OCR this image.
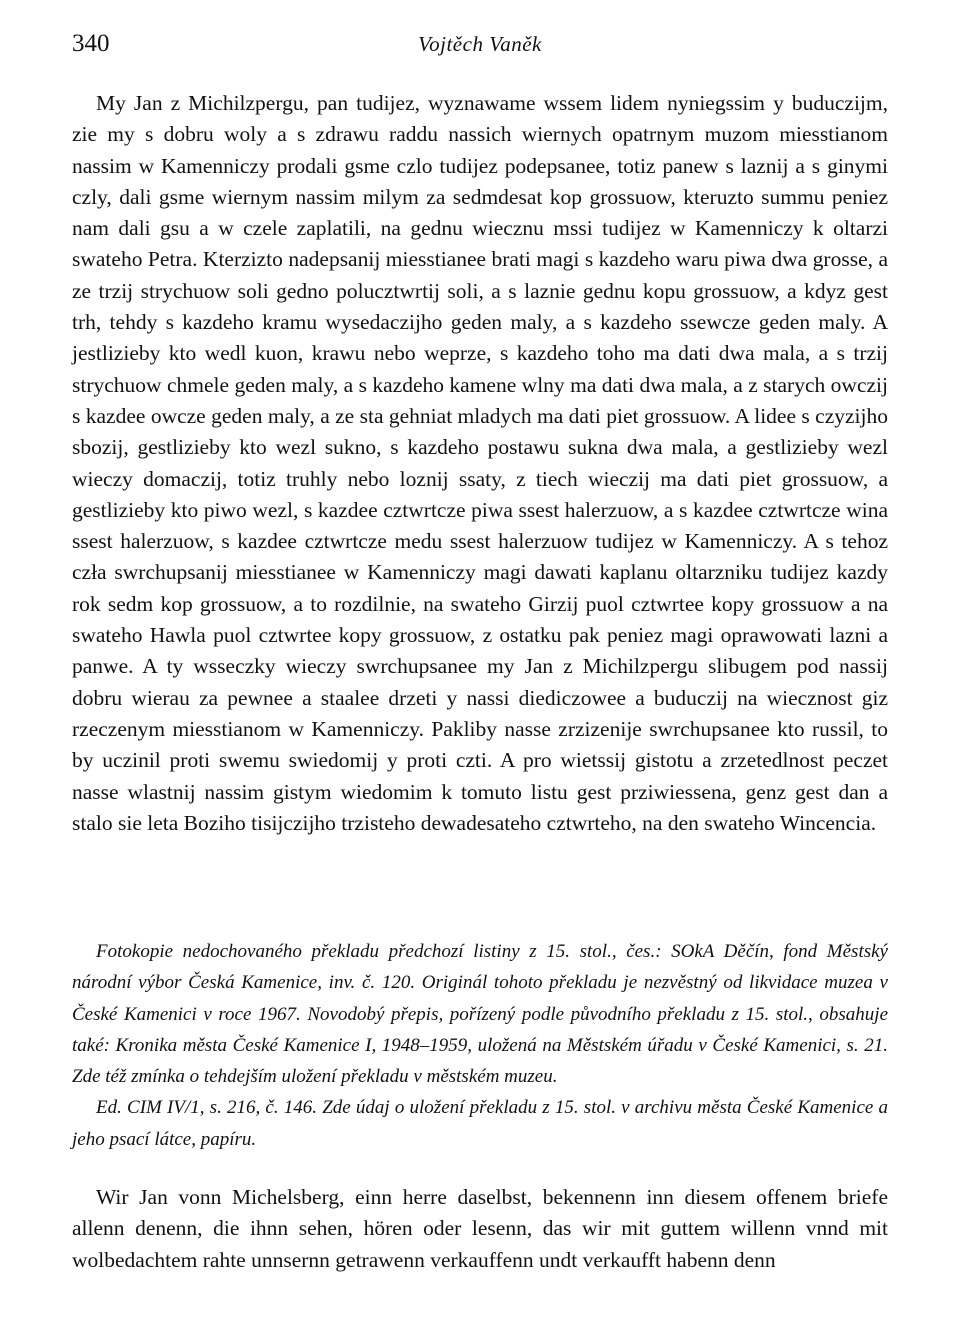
340	Vojtěch Vaněk

My Jan z Michilzpergu, pan tudijez, wyznawame wssem lidem nyniegssim y buduczijm, zie my s dobru woly a s zdrawu raddu nassich wiernych opatrnym muzom miesstianom nassim w Kamenniczy prodali gsme czlo tudijez podepsanee, totiz panew s laznij a s ginymi czly, dali gsme wiernym nassim milym za sedmdesat kop grossuow, kteruzto summu peniez nam dali gsu a w czele zaplatili, na gednu wiecznu mssi tudijez w Kamenniczy k oltarzi swateho Petra. Kterzizto nadepsanij miesstianee brati magi s kazdeho waru piwa dwa grosse, a ze trzij strychuow soli gedno polucztwrtij soli, a s laznie gednu kopu grossuow, a kdyz gest trh, tehdy s kazdeho kramu wysedaczijho geden maly, a s kazdeho ssewcze geden maly. A jestlizieby kto wedl kuon, krawu nebo weprze, s kazdeho toho ma dati dwa mala, a s trzij strychuow chmele geden maly, a s kazdeho kamene wlny ma dati dwa mala, a z starych owczij s kazdee owcze geden maly, a ze sta gehniat mladych ma dati piet grossuow. A lidee s czyzijho sbozij, gestlizieby kto wezl sukno, s kazdeho postawu sukna dwa mala, a gestlizieby wezl wieczy domaczij, totiz truhly nebo loznij ssaty, z tiech wieczij ma dati piet grossuow, a gestlizieby kto piwo wezl, s kazdee cztwrtcze piwa ssest halerzuow, a s kazdee cztwrtcze wina ssest halerzuow, s kazdee cztwrtcze medu ssest halerzuow tudijez w Kamenniczy. A s tehoz czła swrchupsanij miesstianee w Kamenniczy magi dawati kaplanu oltarzniku tudijez kazdy rok sedm kop grossuow, a to rozdilnie, na swateho Girzij puol cztwrtee kopy grossuow a na swateho Hawla puol cztwrtee kopy grossuow, z ostatku pak peniez magi oprawowati lazni a panwe. A ty wsseczky wieczy swrchupsanee my Jan z Michilzpergu slibugem pod nassij dobru wierau za pewnee a staalee drzeti y nassi diediczowee a buduczij na wiecznost giz rzeczenym miesstianom w Kamenniczy. Pakliby nasse zrzizenije swrchupsanee kto russil, to by uczinil proti swemu swiedomij y proti czti. A pro wietssij gistotu a zrzetedlnost peczet nasse wlastnij nassim gistym wiedomim k tomuto listu gest przіwiessena, genz gest dan a stalo sie leta Boziho tisijczijho trzisteho dewadesateho cztwrteho, na den swateho Wincencia.

Fotokopie nedochovaného překladu předchozí listiny z 15. stol., čes.: SOkA Děčín, fond Městský národní výbor Česká Kamenice, inv. č. 120. Originál tohoto překladu je nezvěstný od likvidace muzea v České Kamenici v roce 1967. Novodobý přepis, pořízený podle původního překladu z 15. stol., obsahuje také: Kronika města České Kamenice I, 1948–1959, uložená na Městském úřadu v České Kamenici, s. 21. Zde též zmínka o tehdejším uložení překladu v městském muzeu.

Ed. CIM IV/1, s. 216, č. 146. Zde údaj o uložení překladu z 15. stol. v archivu města České Kamenice a jeho psací látce, papíru.

Wir Jan vonn Michelsberg, einn herre daselbst, bekennenn inn diesem offenem briefe allenn denenn, die ihnn sehen, hören oder lesenn, das wir mit guttem willenn vnnd mit wolbedachtem rahte unnsernn getrawenn verkauffenn undt verkaufft habenn denn
